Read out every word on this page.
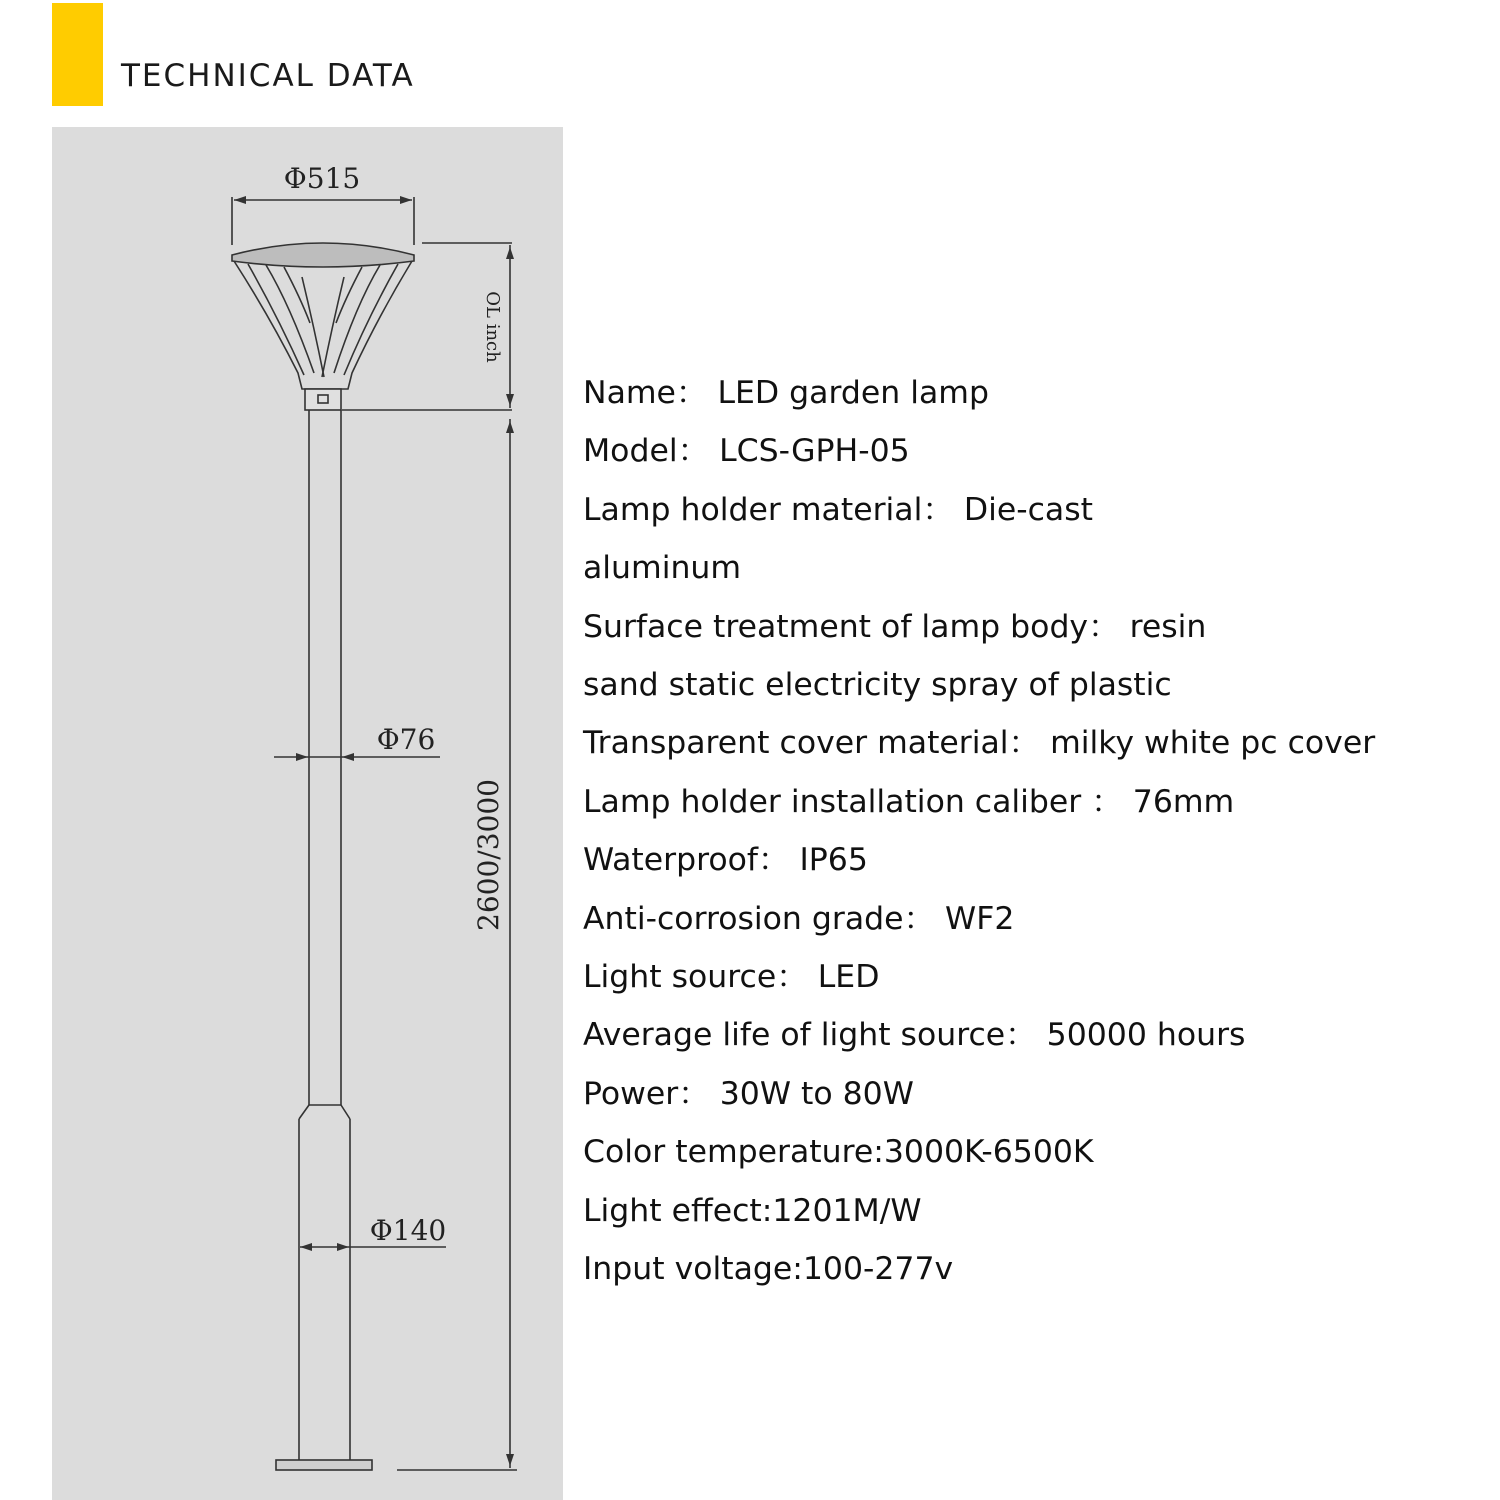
TECHNICAL DATA
Φ515
OL inch
Φ76
2600/3000
Φ140
Name： LED garden lamp
Model： LCS-GPH-05
Lamp holder material： Die-cast
aluminum
Surface treatment of lamp body： resin
sand static electricity spray of plastic
Transparent cover material： milky white pc cover
Lamp holder installation caliber ： 76mm
Waterproof： IP65
Anti-corrosion grade： WF2
Light source： LED
Average life of light source： 50000 hours
Power： 30W to 80W
Color temperature:3000K-6500K
Light effect:1201M/W
Input voltage:100-277v
